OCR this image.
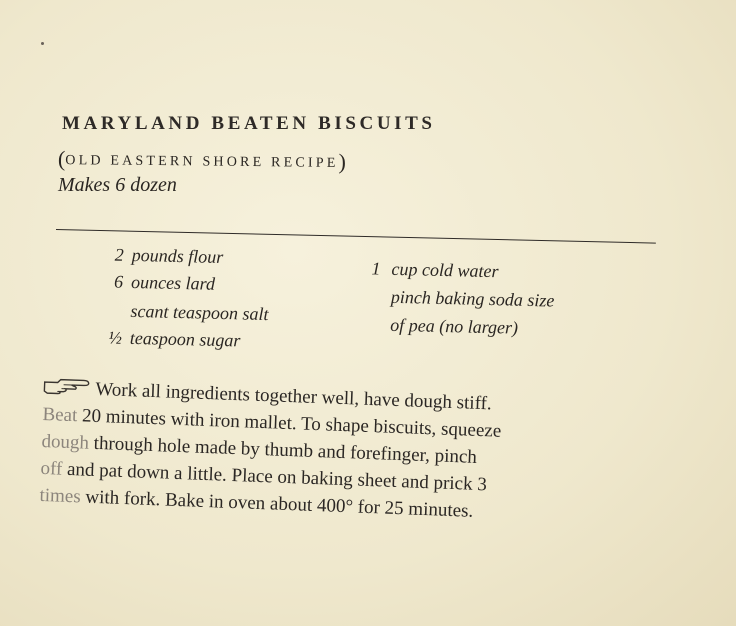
MARYLAND BEATEN BISCUITS
(OLD EASTERN SHORE RECIPE)
Makes 6 dozen
2 pounds flour
6 ounces lard
scant teaspoon salt
½ teaspoon sugar
1 cup cold water
pinch baking soda size
of pea (no larger)
Work all ingredients together well, have dough stiff.
Beat 20 minutes with iron mallet. To shape biscuits, squeeze
dough through hole made by thumb and forefinger, pinch
off and pat down a little. Place on baking sheet and prick 3
times with fork. Bake in oven about 400° for 25 minutes.
